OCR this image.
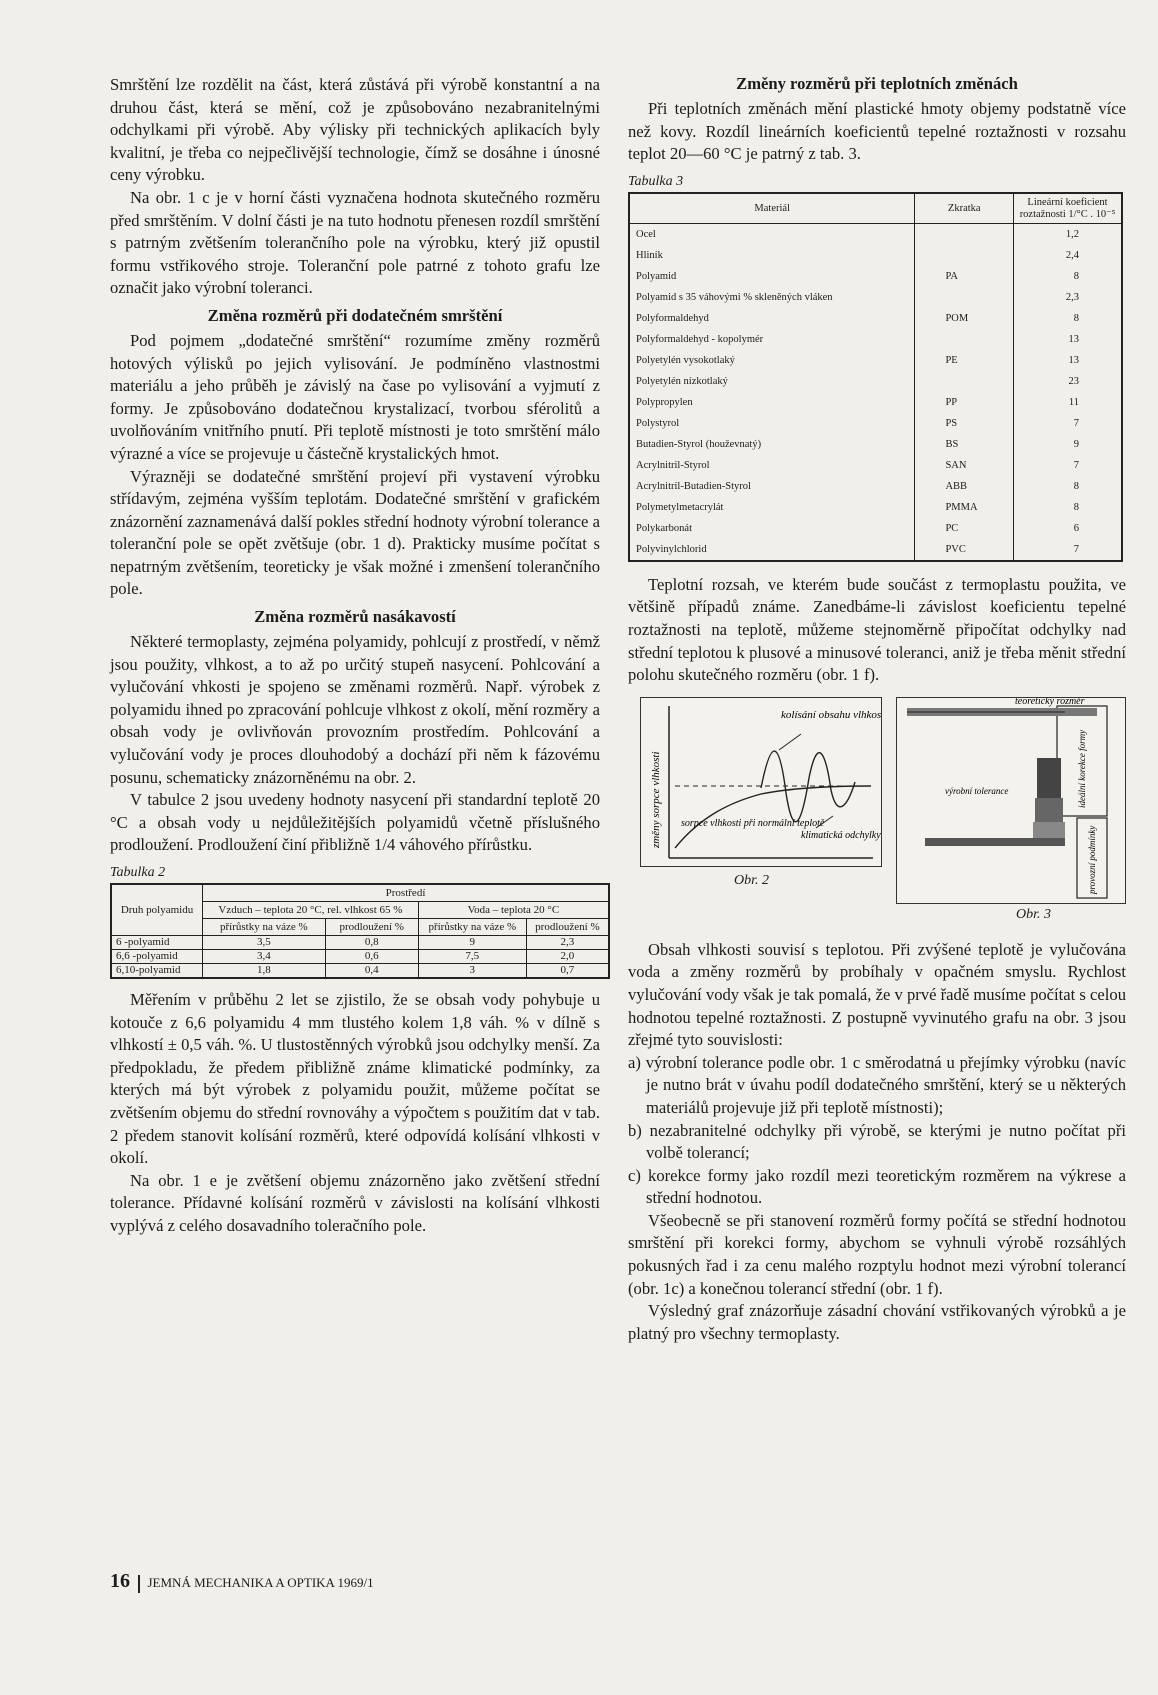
Smrštění lze rozdělit na část, která zůstává při výrobě konstantní a na druhou část, která se mění, což je způsobováno nezabranitelnými odchylkami při výrobě. Aby výlisky při technických aplikacích byly kvalitní, je třeba co nejpečlivější technologie, čímž se dosáhne i únosné ceny výrobku.

Na obr. 1 c je v horní části vyznačena hodnota skutečného rozměru před smrštěním. V dolní části je na tuto hodnotu přenesen rozdíl smrštění s patrným zvětšením tolerančního pole na výrobku, který již opustil formu vstřikového stroje. Toleranční pole patrné z tohoto grafu lze označit jako výrobní toleranci.

Změna rozměrů při dodatečném smrštění

Pod pojmem „dodatečné smrštění“ rozumíme změny rozměrů hotových výlisků po jejich vylisování. Je podmíněno vlastnostmi materiálu a jeho průběh je závislý na čase po vylisování a vyjmutí z formy. Je způsobováno dodatečnou krystalizací, tvorbou sférolitů a uvolňováním vnitřního pnutí. Při teplotě místnosti je toto smrštění málo výrazné a více se projevuje u částečně krystalických hmot.

Výrazněji se dodatečné smrštění projeví při vystavení výrobku střídavým, zejména vyšším teplotám. Dodatečné smrštění v grafickém znázornění zaznamenává další pokles střední hodnoty výrobní tolerance a toleranční pole se opět zvětšuje (obr. 1 d). Prakticky musíme počítat s nepatrným zvětšením, teoreticky je však možné i zmenšení tolerančního pole.

Změna rozměrů nasákavostí

Některé termoplasty, zejména polyamidy, pohlcují z prostředí, v němž jsou použity, vlhkost, a to až po určitý stupeň nasycení. Pohlcování a vylučování vhkosti je spojeno se změnami rozměrů. Např. výrobek z polyamidu ihned po zpracování pohlcuje vlhkost z okolí, mění rozměry a obsah vody je ovlivňován provozním prostředím. Pohlcování a vylučování vody je proces dlouhodobý a dochází při něm k fázovému posunu, schematicky znázorněnému na obr. 2.

V tabulce 2 jsou uvedeny hodnoty nasycení při standardní teplotě 20 °C a obsah vody u nejdůležitějších polyamidů včetně příslušného prodloužení. Prodloužení činí přibližně 1/4 váhového přírůstku.

Tabulka 2
Druh polyamidu	Prostředí			
	Vzduch – teplota 20 °C, rel. vlhkost 65 %		Voda – teplota 20 °C	
	přírůstky na váze %	prodloužení %	přírůstky na váze %	prodloužení %
6 -polyamid	3,5	0,8	9	2,3
6,6 -polyamid	3,4	0,6	7,5	2,0
6,10-polyamid	1,8	0,4	3	0,7

Měřením v průběhu 2 let se zjistilo, že se obsah vody pohybuje u kotouče z 6,6 polyamidu 4 mm tlustého kolem 1,8 váh. % v dílně s vlhkostí ± 0,5 váh. %. U tlustostěnných výrobků jsou odchylky menší. Za předpokladu, že předem přibližně známe klimatické podmínky, za kterých má být výrobek z polyamidu použit, můžeme počítat se zvětšením objemu do střední rovnováhy a výpočtem s použitím dat v tab. 2 předem stanovit kolísání rozměrů, které odpovídá kolísání vlhkosti v okolí.

Na obr. 1 e je zvětšení objemu znázorněno jako zvětšení střední tolerance. Přídavné kolísání rozměrů v závislosti na kolísání vlhkosti vyplývá z celého dosavadního toleračního pole.

Změny rozměrů při teplotních změnách

Při teplotních změnách mění plastické hmoty objemy podstatně více než kovy. Rozdíl lineárních koeficientů tepelné roztažnosti v rozsahu teplot 20—60 °C je patrný z tab. 3.

Tabulka 3
Materiál	Zkratka	Lineární koeficient roztažnosti 1/°C . 10⁻⁵
Ocel		1,2
Hliník		2,4
Polyamid	PA	8
Polyamid s 35 váhovými % skleněných vláken		2,3
Polyformaldehyd	POM	8
Polyformaldehyd - kopolymér		13
Polyetylén vysokotlaký	PE	13
Polyetylén nízkotlaký		23
Polypropylen	PP	11
Polystyrol	PS	7
Butadien-Styrol (houževnatý)	BS	9
Acrylnitril-Styrol	SAN	7
Acrylnitril-Butadien-Styrol	ABB	8
Polymetylmetacrylát	PMMA	8
Polykarbonát	PC	6
Polyvinylchlorid	PVC	7

Teplotní rozsah, ve kterém bude součást z termoplastu použita, ve většině případů známe. Zanedbáme-li závislost koeficientu tepelné roztažnosti na teplotě, můžeme stejnoměrně připočítat odchylky nad střední teplotou k plusové a minusové toleranci, aniž je třeba měnit střední polohu skutečného rozměru (obr. 1 f).

změny sorpce vlhkosti
kolísání obsahu vlhkosti
sorpce vlhkosti při normální teplotě
klimatická odchylky
Obr. 2
teoretický rozměr
výrobní tolerance	ideální korekce formy
provozní podmínky
Obr. 3

Obsah vlhkosti souvisí s teplotou. Při zvýšené teplotě je vylučována voda a změny rozměrů by probíhaly v opačném smyslu. Rychlost vylučování vody však je tak pomalá, že v prvé řadě musíme počítat s celou hodnotou tepelné roztažnosti. Z postupně vyvinutého grafu na obr. 3 jsou zřejmé tyto souvislosti:

a) výrobní tolerance podle obr. 1 c směrodatná u přejímky výrobku (navíc je nutno brát v úvahu podíl dodatečného smrštění, který se u některých materiálů projevuje již při teplotě místnosti);
b) nezabranitelné odchylky při výrobě, se kterými je nutno počítat při volbě tolerancí;
c) korekce formy jako rozdíl mezi teoretickým rozměrem na výkrese a střední hodnotou.

Všeobecně se při stanovení rozměrů formy počítá se střední hodnotou smrštění při korekci formy, abychom se vyhnuli výrobě rozsáhlých pokusných řad i za cenu malého rozptylu hodnot mezi výrobní tolerancí (obr. 1c) a konečnou tolerancí střední (obr. 1 f).

Výsledný graf znázorňuje zásadní chování vstřikovaných výrobků a je platný pro všechny termoplasty.

16 JEMNÁ MECHANIKA A OPTIKA 1969/1
